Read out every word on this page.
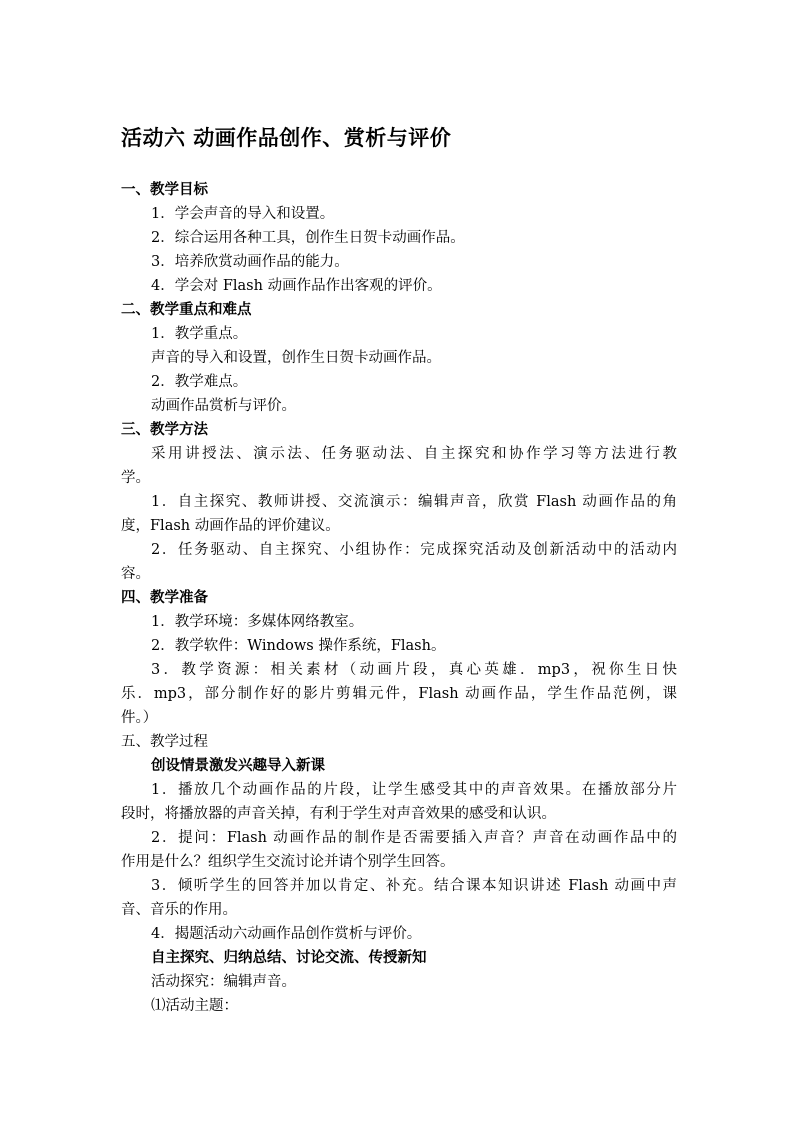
活动六 动画作品创作、赏析与评价
一、教学目标
1．学会声音的导入和设置。
2．综合运用各种工具，创作生日贺卡动画作品。
3．培养欣赏动画作品的能力。
4．学会对 Flash 动画作品作出客观的评价。
二、教学重点和难点
1．教学重点。
声音的导入和设置，创作生日贺卡动画作品。
2．教学难点。
动画作品赏析与评价。
三、教学方法
采用讲授法、演示法、任务驱动法、自主探究和协作学习等方法进行教
学。
1．自主探究、教师讲授、交流演示：编辑声音，欣赏 Flash 动画作品的角
度，Flash 动画作品的评价建议。
2．任务驱动、自主探究、小组协作：完成探究活动及创新活动中的活动内
容。
四、教学准备
1．教学环境：多媒体网络教室。
2．教学软件：Windows 操作系统，Flash。
3．教学资源：相关素材（动画片段，真心英雄．mp3，祝你生日快
乐．mp3，部分制作好的影片剪辑元件，Flash 动画作品，学生作品范例，课
件。）
五、教学过程
创设情景激发兴趣导入新课
1．播放几个动画作品的片段，让学生感受其中的声音效果。在播放部分片
段时，将播放器的声音关掉，有利于学生对声音效果的感受和认识。
2．提问：Flash 动画作品的制作是否需要插入声音？声音在动画作品中的
作用是什么？组织学生交流讨论并请个别学生回答。
3．倾听学生的回答并加以肯定、补充。结合课本知识讲述 Flash 动画中声
音、音乐的作用。
4．揭题活动六动画作品创作赏析与评价。
自主探究、归纳总结、讨论交流、传授新知
活动探究：编辑声音。
⑴活动主题：
